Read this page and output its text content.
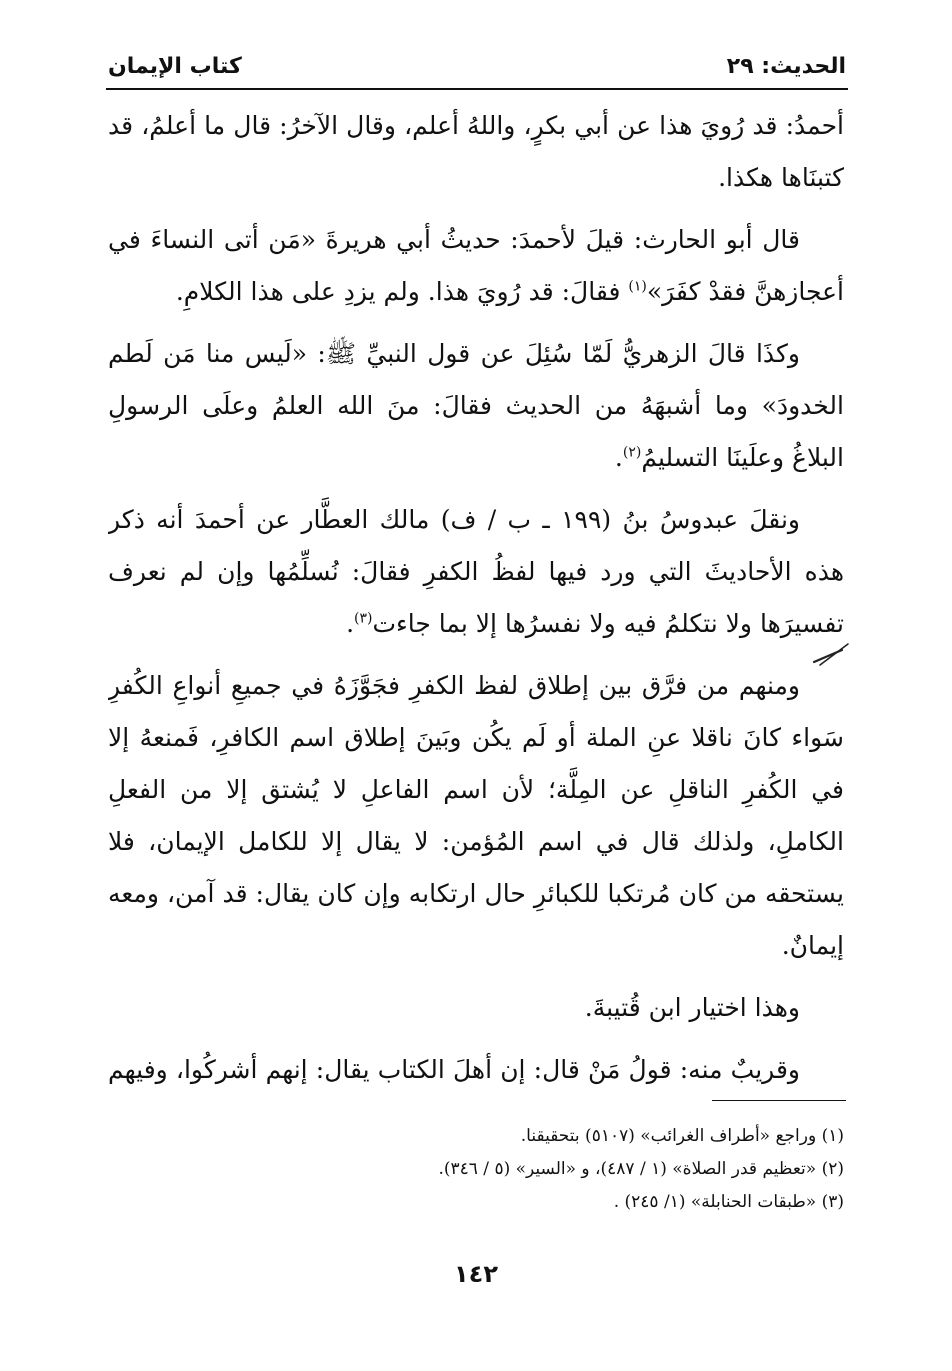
الحديث: ٢٩
كتاب الإيمان

أحمدُ: قد رُويَ هذا عن أبي بكرٍ، واللهُ أعلم، وقال الآخرُ: قال ما أعلمُ، قد كتبنَاها هكذا.

قال أبو الحارث: قيلَ لأحمدَ: حديثُ أبي هريرةَ «مَن أتى النساءَ في أعجازهنَّ فقدْ كفَرَ»$^{(١)}$ فقالَ: قد رُويَ هذا. ولم يزدِ على هذا الكلامِ.

وكذَا قالَ الزهريُّ لَمّا سُئِلَ عن قول النبيِّ ﷺ: «لَيس منا مَن لَطم الخدودَ» وما أشبهَهُ من الحديث فقالَ: منَ الله العلمُ وعلَى الرسولِ البلاغُ وعلَينَا التسليمُ$^{(٢)}$.

ونقلَ عبدوسُ بنُ (١٩٩ ـ ب / ف) مالك العطَّار عن أحمدَ أنه ذكر هذه الأحاديثَ التي ورد فيها لفظُ الكفرِ فقالَ: نُسلِّمُها وإن لم نعرف تفسيرَها ولا نتكلمُ فيه ولا نفسرُها إلا بما جاءت$^{(٣)}$.

ومنهم من فرَّق بين إطلاق لفظ الكفرِ فجَوَّزَهُ في جميعِ أنواعِ الكُفرِ سَواء كانَ ناقلا عنِ الملة أو لَم يكُن وبَينَ إطلاق اسم الكافرِ، فَمنعهُ إلا في الكُفرِ الناقلِ عن المِلَّة؛ لأن اسم الفاعلِ لا يُشتق إلا من الفعلِ الكاملِ، ولذلك قال في اسم المُؤمن: لا يقال إلا للكامل الإيمان، فلا يستحقه من كان مُرتكبا للكبائرِ حال ارتكابه وإن كان يقال: قد آمن، ومعه إيمانٌ.

وهذا اختيار ابن قُتيبةَ.

وقريبٌ منه: قولُ مَنْ قال: إن أهلَ الكتاب يقال: إنهم أشركُوا، وفيهم

(١) وراجع «أطراف الغرائب» (٥١٠٧) بتحقيقنا.
(٢) «تعظيم قدر الصلاة» (١ / ٤٨٧)، و «السير» (٥ / ٣٤٦).
(٣) «طبقات الحنابلة» (١/ ٢٤٥) .
١٤٢
